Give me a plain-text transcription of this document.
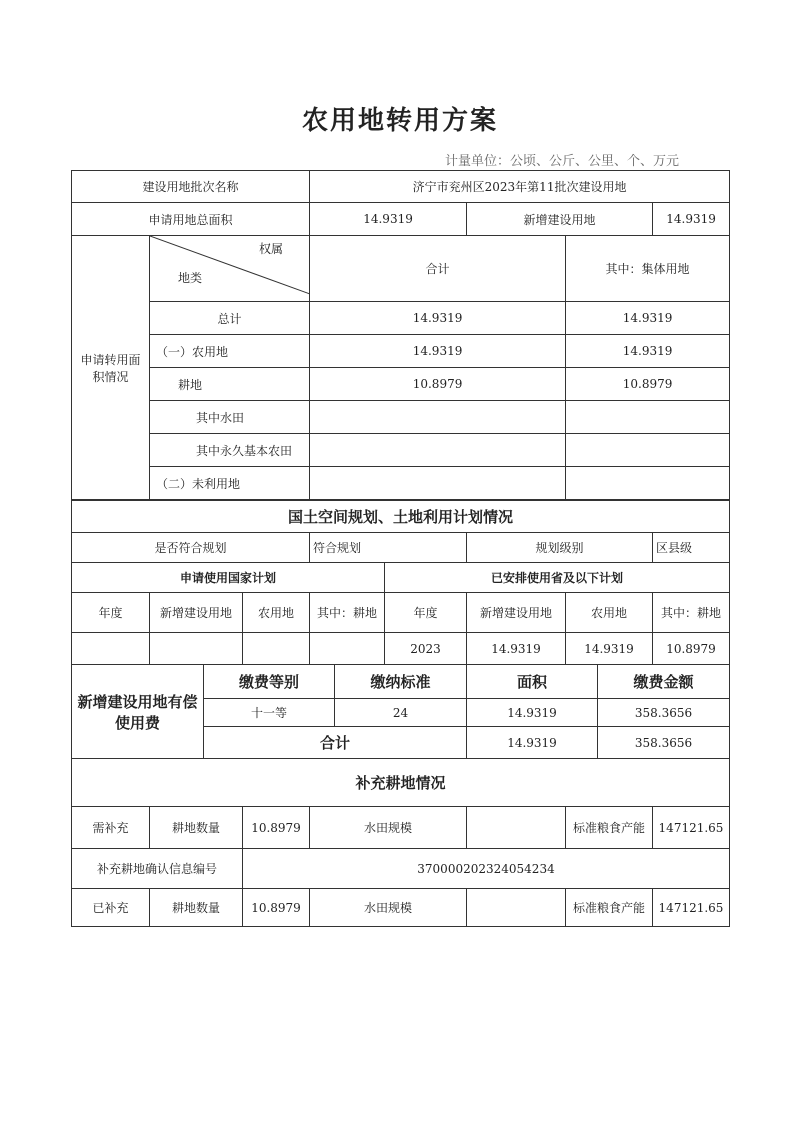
农用地转用方案
计量单位：公顷、公斤、公里、个、万元
建设用地批次名称		济宁市兖州区2023年第11批次建设用地			
申请用地总面积		14.9319	新增建设用地		14.9319
申请转用面积情况	权属
地类	合计		其中：集体用地	
	总计	14.9319		14.9319	
	（一）农用地	14.9319		14.9319	
	耕地	10.8979		10.8979	
	其中水田				
	其中永久基本农田				
	（二）未利用地				
国土空间规划、土地利用计划情况							
是否符合规划			符合规划		规划级别		区县级
申请使用国家计划				已安排使用省及以下计划			
年度	新增建设用地	农用地	其中：耕地	年度	新增建设用地	农用地	其中：耕地
				2023	14.9319	14.9319	10.8979
新增建设用地有偿使用费	缴费等别	缴纳标准	面积	缴费金额
	十一等	24	14.9319	358.3656
	合计		14.9319	358.3656
补充耕地情况						
需补充	耕地数量	10.8979	水田规模		标准粮食产能	147121.65
补充耕地确认信息编号		370000202324054234				
已补充	耕地数量	10.8979	水田规模		标准粮食产能	147121.65
